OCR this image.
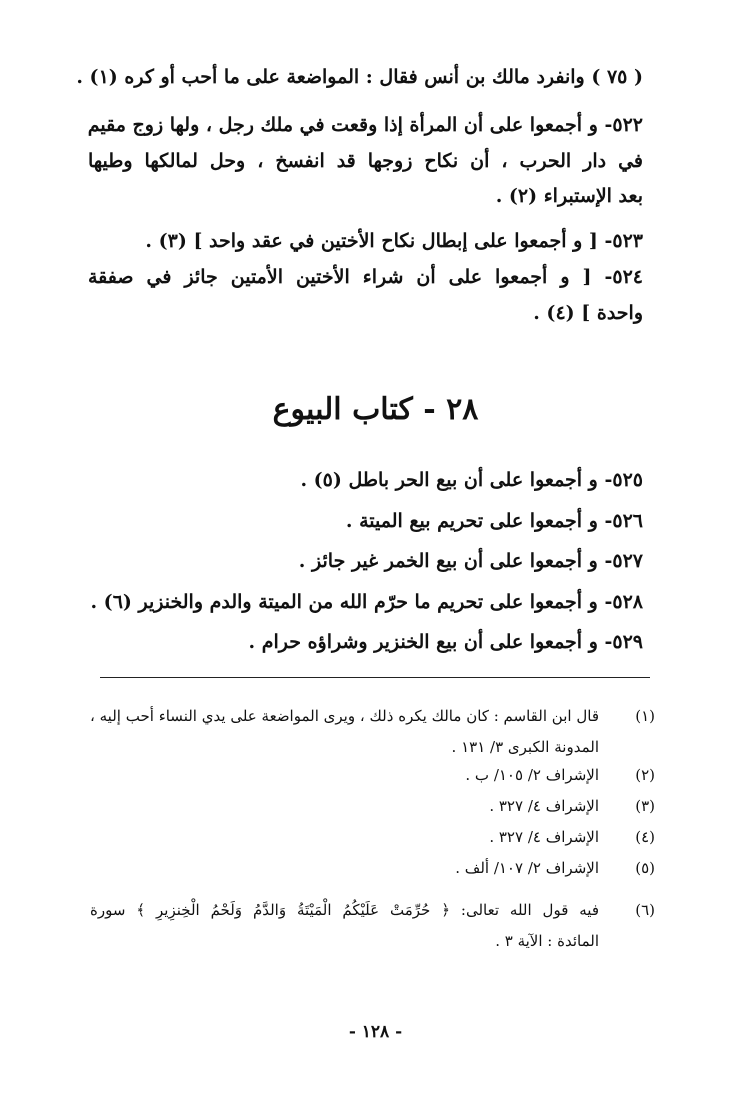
( ٧٥ ) وانفرد مالك بن أنس فقال : المواضعة على ما أحب أو كره (١) .
٥٢٢- و أجمعوا على أن المرأة إذا وقعت في ملك رجل ، ولها زوج مقيم
في دار الحرب ، أن نكاح زوجها قد انفسخ ، وحل لمالكها وطيها
بعد الإستبراء (٢) .
٥٢٣- [ و أجمعوا على إبطال نكاح الأختين في عقد واحد ] (٣) .
٥٢٤- [ و أجمعوا على أن شراء الأختين الأمتين جائز في صفقة
واحدة ] (٤) .
٢٨ - كتاب البيوع
٥٢٥- و أجمعوا على أن بيع الحر باطل (٥) .
٥٢٦- و أجمعوا على تحريم بيع الميتة .
٥٢٧- و أجمعوا على أن بيع الخمر غير جائز .
٥٢٨- و أجمعوا على تحريم ما حرّم الله من الميتة والدم والخنزير (٦) .
٥٢٩- و أجمعوا على أن بيع الخنزير وشراؤه حرام .
(١)قال ابن القاسم : كان مالك يكره ذلك ، ويرى المواضعة على يدي النساء أحب إليه ،
المدونة الكبرى ٣/ ١٣١ .
(٢)الإشراف ٢/ ١٠٥/ ب .
(٣)الإشراف ٤/ ٣٢٧ .
(٤)الإشراف ٤/ ٣٢٧ .
(٥)الإشراف ٢/ ١٠٧/ ألف .
(٦)فيه قول الله تعالى: ﴿ حُرِّمَتْ عَلَيْكُمُ الْمَيْتَةُ وَالدَّمُ وَلَحْمُ الْخِنزِيرِ ﴾ سورة
المائدة : الآية ٣ .
- ١٢٨ -
